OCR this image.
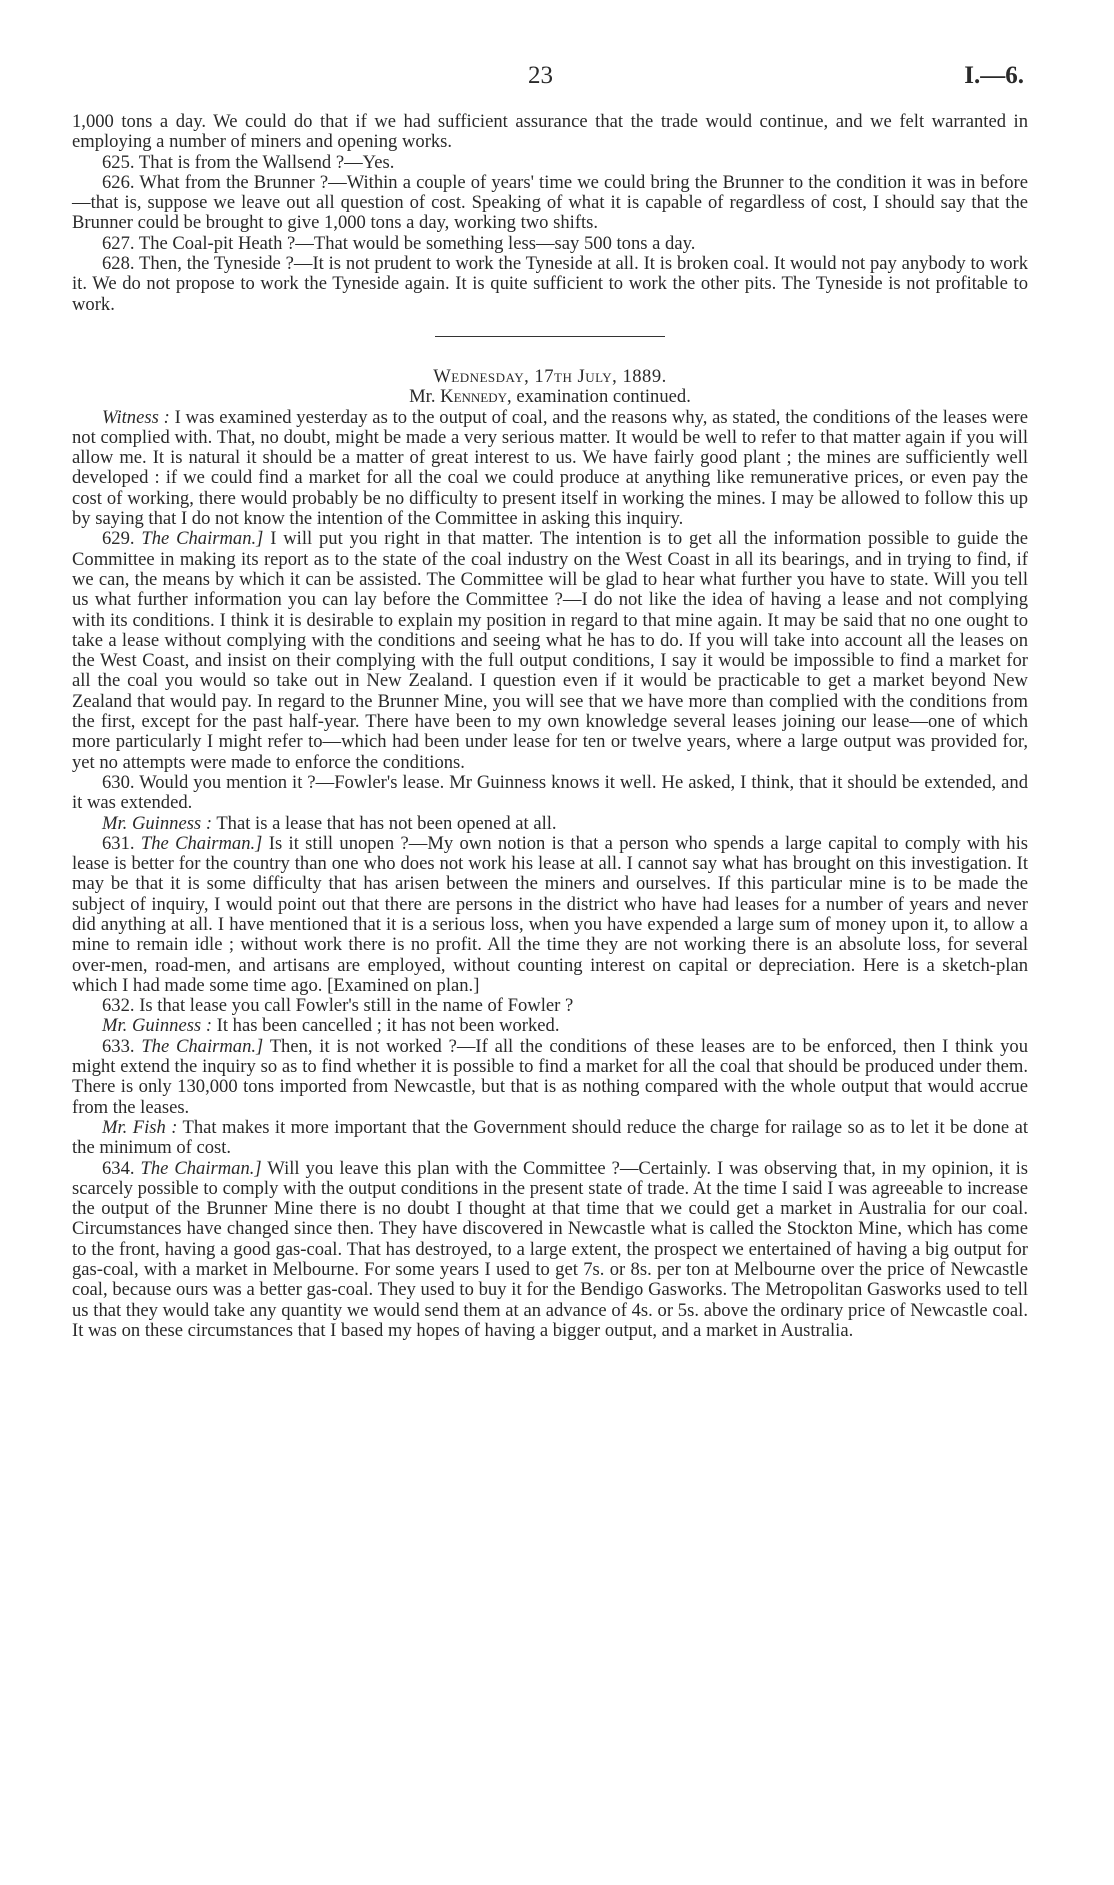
23	I.—6.

1,000 tons a day. We could do that if we had sufficient assurance that the trade would continue, and we felt warranted in employing a number of miners and opening works.

625. That is from the Wallsend ?—Yes.

626. What from the Brunner ?—Within a couple of years' time we could bring the Brunner to the condition it was in before—that is, suppose we leave out all question of cost. Speaking of what it is capable of regardless of cost, I should say that the Brunner could be brought to give 1,000 tons a day, working two shifts.

627. The Coal-pit Heath ?—That would be something less—say 500 tons a day.

628. Then, the Tyneside ?—It is not prudent to work the Tyneside at all. It is broken coal. It would not pay anybody to work it. We do not propose to work the Tyneside again. It is quite sufficient to work the other pits. The Tyneside is not profitable to work.

Wednesday, 17th July, 1889.

Mr. Kennedy, examination continued.

Witness : I was examined yesterday as to the output of coal, and the reasons why, as stated, the conditions of the leases were not complied with. That, no doubt, might be made a very serious matter. It would be well to refer to that matter again if you will allow me. It is natural it should be a matter of great interest to us. We have fairly good plant ; the mines are sufficiently well developed : if we could find a market for all the coal we could produce at anything like remunerative prices, or even pay the cost of working, there would probably be no difficulty to present itself in working the mines. I may be allowed to follow this up by saying that I do not know the intention of the Committee in asking this inquiry.

629. The Chairman.] I will put you right in that matter. The intention is to get all the information possible to guide the Committee in making its report as to the state of the coal industry on the West Coast in all its bearings, and in trying to find, if we can, the means by which it can be assisted. The Committee will be glad to hear what further you have to state. Will you tell us what further information you can lay before the Committee ?—I do not like the idea of having a lease and not complying with its conditions. I think it is desirable to explain my position in regard to that mine again. It may be said that no one ought to take a lease without complying with the conditions and seeing what he has to do. If you will take into account all the leases on the West Coast, and insist on their complying with the full output conditions, I say it would be impossible to find a market for all the coal you would so take out in New Zealand. I question even if it would be practicable to get a market beyond New Zealand that would pay. In regard to the Brunner Mine, you will see that we have more than complied with the conditions from the first, except for the past half-year. There have been to my own knowledge several leases joining our lease—one of which more particularly I might refer to—which had been under lease for ten or twelve years, where a large output was provided for, yet no attempts were made to enforce the conditions.

630. Would you mention it ?—Fowler's lease. Mr Guinness knows it well. He asked, I think, that it should be extended, and it was extended.

Mr. Guinness : That is a lease that has not been opened at all.

631. The Chairman.] Is it still unopen ?—My own notion is that a person who spends a large capital to comply with his lease is better for the country than one who does not work his lease at all. I cannot say what has brought on this investigation. It may be that it is some difficulty that has arisen between the miners and ourselves. If this particular mine is to be made the subject of inquiry, I would point out that there are persons in the district who have had leases for a number of years and never did anything at all. I have mentioned that it is a serious loss, when you have expended a large sum of money upon it, to allow a mine to remain idle ; without work there is no profit. All the time they are not working there is an absolute loss, for several over-men, road-men, and artisans are employed, without counting interest on capital or depreciation. Here is a sketch-plan which I had made some time ago. [Examined on plan.]

632. Is that lease you call Fowler's still in the name of Fowler ?

Mr. Guinness : It has been cancelled ; it has not been worked.

633. The Chairman.] Then, it is not worked ?—If all the conditions of these leases are to be enforced, then I think you might extend the inquiry so as to find whether it is possible to find a market for all the coal that should be produced under them. There is only 130,000 tons imported from Newcastle, but that is as nothing compared with the whole output that would accrue from the leases.

Mr. Fish : That makes it more important that the Government should reduce the charge for railage so as to let it be done at the minimum of cost.

634. The Chairman.] Will you leave this plan with the Committee ?—Certainly. I was observing that, in my opinion, it is scarcely possible to comply with the output conditions in the present state of trade. At the time I said I was agreeable to increase the output of the Brunner Mine there is no doubt I thought at that time that we could get a market in Australia for our coal. Circumstances have changed since then. They have discovered in Newcastle what is called the Stockton Mine, which has come to the front, having a good gas-coal. That has destroyed, to a large extent, the prospect we entertained of having a big output for gas-coal, with a market in Melbourne. For some years I used to get 7s. or 8s. per ton at Melbourne over the price of Newcastle coal, because ours was a better gas-coal. They used to buy it for the Bendigo Gasworks. The Metropolitan Gasworks used to tell us that they would take any quantity we would send them at an advance of 4s. or 5s. above the ordinary price of Newcastle coal. It was on these circumstances that I based my hopes of having a bigger output, and a market in Australia.
